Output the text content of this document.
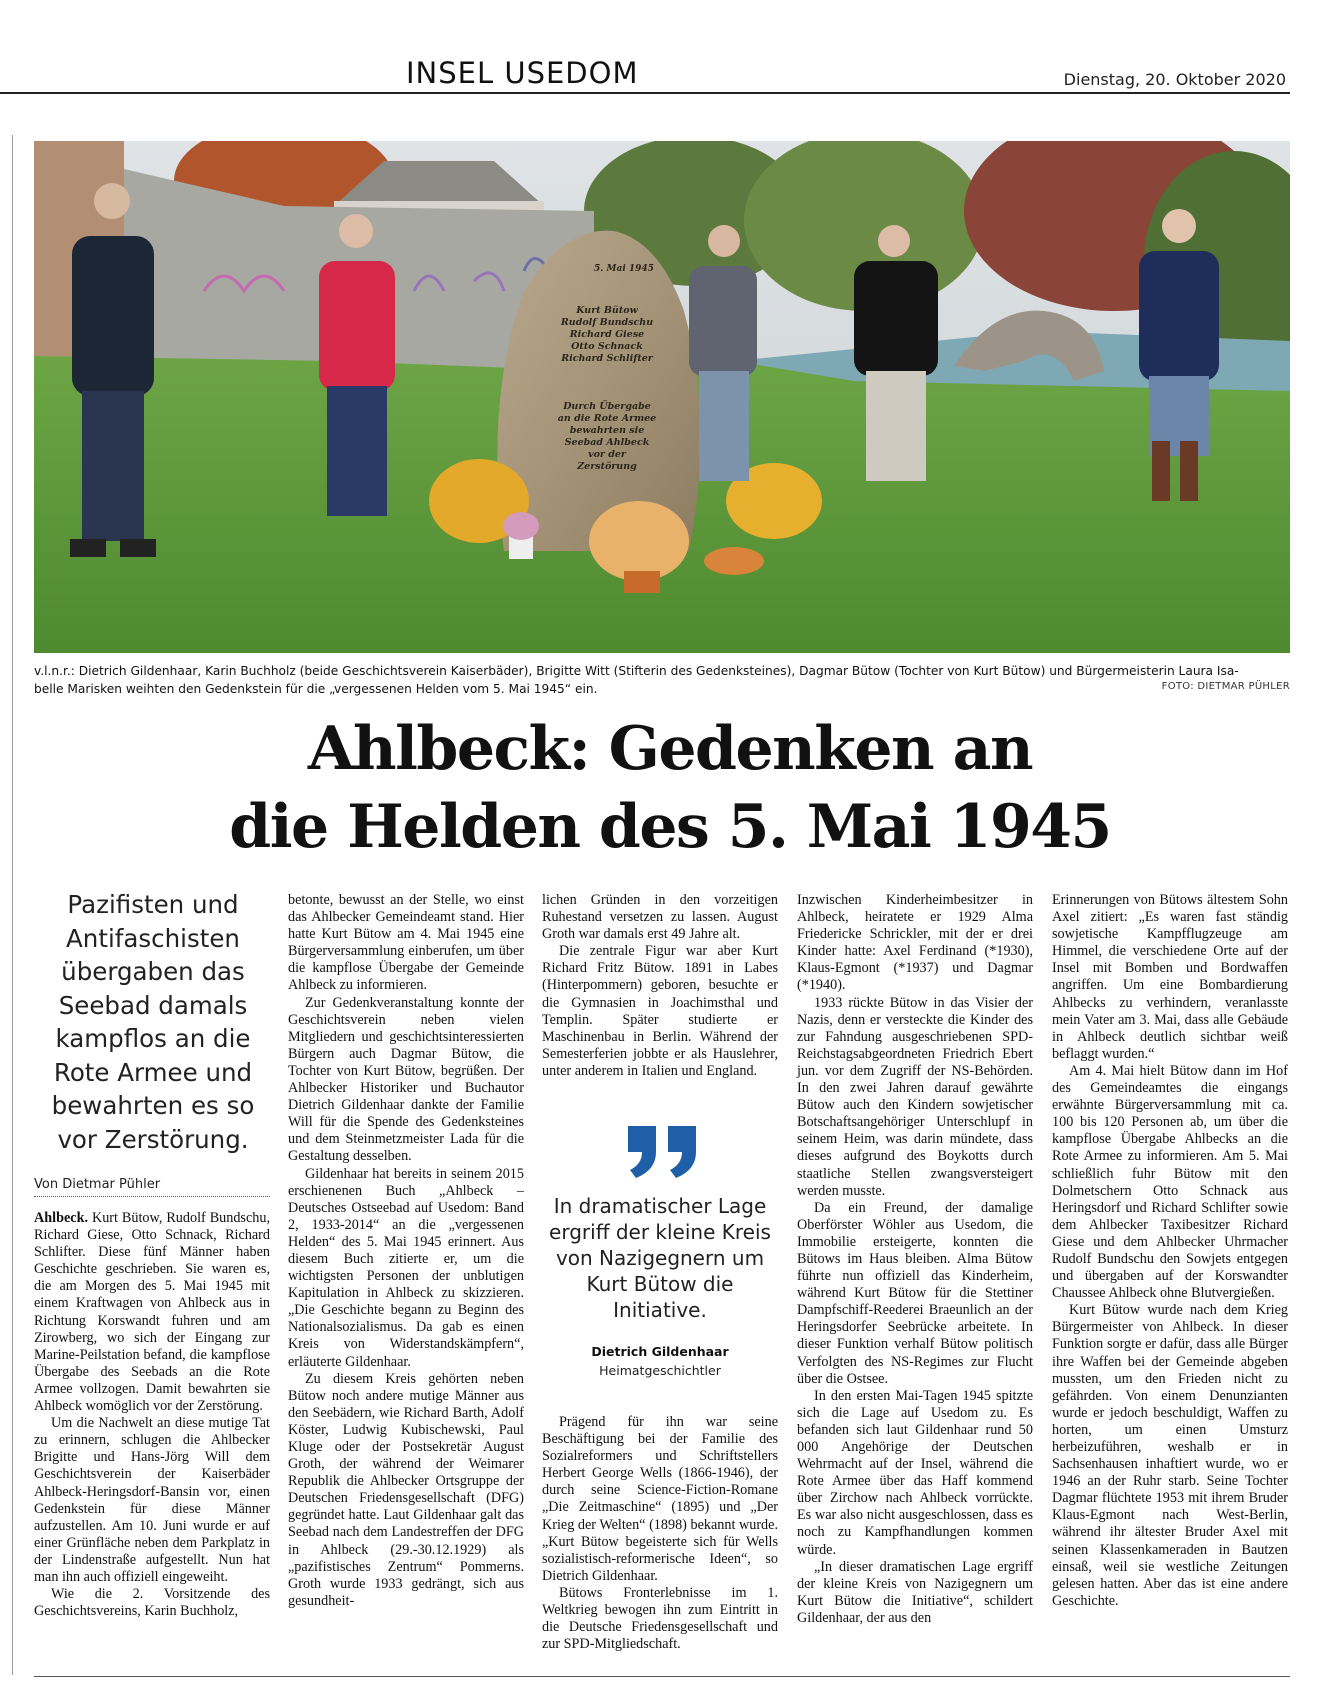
INSEL USEDOM	Dienstag, 20. Oktober 2020
5. Mai 1945
Kurt Bütow
Rudolf Bundschu
Richard Giese
Otto Schnack
Richard Schlifter
Durch Übergabe
an die Rote Armee
bewahrten sie
Seebad Ahlbeck
vor der
Zerstörung
v.l.n.r.: Dietrich Gildenhaar, Karin Buchholz (beide Geschichtsverein Kaiserbäder), Brigitte Witt (Stifterin des Gedenksteines), Dagmar Bütow (Tochter von Kurt Bütow) und Bürgermeisterin Laura Isa-
belle Marisken weihten den Gedenkstein für die „vergessenen Helden vom 5. Mai 1945“ ein.	FOTO: DIETMAR PÜHLER
Ahlbeck: Gedenken an
die Helden des 5. Mai 1945
Pazifisten und Antifaschisten übergaben das Seebad damals kampflos an die Rote Armee und bewahrten es so vor Zerstörung.
Von Dietmar Pühler

Ahlbeck. Kurt Bütow, Rudolf Bundschu, Richard Giese, Otto Schnack, Richard Schlifter. Diese fünf Männer haben Geschichte geschrieben. Sie waren es, die am Morgen des 5. Mai 1945 mit einem Kraftwagen von Ahlbeck aus in Richtung Korswandt fuhren und am Zirowberg, wo sich der Eingang zur Marine-Peilstation befand, die kampflose Übergabe des Seebads an die Rote Armee vollzogen. Damit bewahrten sie Ahlbeck womöglich vor der Zerstörung.

Um die Nachwelt an diese mutige Tat zu erinnern, schlugen die Ahlbecker Brigitte und Hans-Jörg Will dem Geschichtsverein der Kaiserbäder Ahlbeck-Heringsdorf-Bansin vor, einen Gedenkstein für diese Männer aufzustellen. Am 10. Juni wurde er auf einer Grünfläche neben dem Parkplatz in der Lindenstraße aufgestellt. Nun hat man ihn auch offiziell eingeweiht.

Wie die 2. Vorsitzende des Geschichtsvereins, Karin Buchholz,

betonte, bewusst an der Stelle, wo einst das Ahlbecker Gemeindeamt stand. Hier hatte Kurt Bütow am 4. Mai 1945 eine Bürgerversammlung einberufen, um über die kampflose Übergabe der Gemeinde Ahlbeck zu informieren.

Zur Gedenkveranstaltung konnte der Geschichtsverein neben vielen Mitgliedern und geschichtsinteressierten Bürgern auch Dagmar Bütow, die Tochter von Kurt Bütow, begrüßen. Der Ahlbecker Historiker und Buchautor Dietrich Gildenhaar dankte der Familie Will für die Spende des Gedenksteines und dem Steinmetzmeister Lada für die Gestaltung desselben.

Gildenhaar hat bereits in seinem 2015 erschienenen Buch „Ahlbeck – Deutsches Ostseebad auf Usedom: Band 2, 1933-2014“ an die „vergessenen Helden“ des 5. Mai 1945 erinnert. Aus diesem Buch zitierte er, um die wichtigsten Personen der unblutigen Kapitulation in Ahlbeck zu skizzieren. „Die Geschichte begann zu Beginn des Nationalsozialismus. Da gab es einen Kreis von Widerstandskämpfern“, erläuterte Gildenhaar.

Zu diesem Kreis gehörten neben Bütow noch andere mutige Männer aus den Seebädern, wie Richard Barth, Adolf Köster, Ludwig Kubischewski, Paul Kluge oder der Postsekretär August Groth, der während der Weimarer Republik die Ahlbecker Ortsgruppe der Deutschen Friedensgesellschaft (DFG) gegründet hatte. Laut Gildenhaar galt das Seebad nach dem Landestreffen der DFG in Ahlbeck (29.-30.12.1929) als „pazifistisches Zentrum“ Pommerns. Groth wurde 1933 gedrängt, sich aus gesundheit-

lichen Gründen in den vorzeitigen Ruhestand versetzen zu lassen. August Groth war damals erst 49 Jahre alt.

Die zentrale Figur war aber Kurt Richard Fritz Bütow. 1891 in Labes (Hinterpommern) geboren, besuchte er die Gymnasien in Joachimsthal und Templin. Später studierte er Maschinenbau in Berlin. Während der Semesterferien jobbte er als Hauslehrer, unter anderem in Italien und England.

In dramatischer Lage ergriff der kleine Kreis von Nazigegnern um Kurt Bütow die Initiative.
Dietrich Gildenhaar
Heimatgeschichtler

Prägend für ihn war seine Beschäftigung bei der Familie des Sozialreformers und Schriftstellers Herbert George Wells (1866-1946), der durch seine Science-Fiction-Romane „Die Zeitmaschine“ (1895) und „Der Krieg der Welten“ (1898) bekannt wurde. „Kurt Bütow begeisterte sich für Wells sozialistisch-reformerische Ideen“, so Dietrich Gildenhaar.

Bütows Fronterlebnisse im 1. Weltkrieg bewogen ihn zum Eintritt in die Deutsche Friedensgesellschaft und zur SPD-Mitgliedschaft.

Inzwischen Kinderheimbesitzer in Ahlbeck, heiratete er 1929 Alma Friedericke Schrickler, mit der er drei Kinder hatte: Axel Ferdinand (*1930), Klaus-Egmont (*1937) und Dagmar (*1940).

1933 rückte Bütow in das Visier der Nazis, denn er versteckte die Kinder des zur Fahndung ausgeschriebenen SPD-Reichstagsabgeordneten Friedrich Ebert jun. vor dem Zugriff der NS-Behörden. In den zwei Jahren darauf gewährte Bütow auch den Kindern sowjetischer Botschaftsangehöriger Unterschlupf in seinem Heim, was darin mündete, dass dieses aufgrund des Boykotts durch staatliche Stellen zwangsversteigert werden musste.

Da ein Freund, der damalige Oberförster Wöhler aus Usedom, die Immobilie ersteigerte, konnten die Bütows im Haus bleiben. Alma Bütow führte nun offiziell das Kinderheim, während Kurt Bütow für die Stettiner Dampfschiff-Reederei Braeunlich an der Heringsdorfer Seebrücke arbeitete. In dieser Funktion verhalf Bütow politisch Verfolgten des NS-Regimes zur Flucht über die Ostsee.

In den ersten Mai-Tagen 1945 spitzte sich die Lage auf Usedom zu. Es befanden sich laut Gildenhaar rund 50 000 Angehörige der Deutschen Wehrmacht auf der Insel, während die Rote Armee über das Haff kommend über Zirchow nach Ahlbeck vorrückte. Es war also nicht ausgeschlossen, dass es noch zu Kampfhandlungen kommen würde.

„In dieser dramatischen Lage ergriff der kleine Kreis von Nazigegnern um Kurt Bütow die Initiative“, schildert Gildenhaar, der aus den

Erinnerungen von Bütows ältestem Sohn Axel zitiert: „Es waren fast ständig sowjetische Kampfflugzeuge am Himmel, die verschiedene Orte auf der Insel mit Bomben und Bordwaffen angriffen. Um eine Bombardierung Ahlbecks zu verhindern, veranlasste mein Vater am 3. Mai, dass alle Gebäude in Ahlbeck deutlich sichtbar weiß beflaggt wurden.“

Am 4. Mai hielt Bütow dann im Hof des Gemeindeamtes die eingangs erwähnte Bürgerversammlung mit ca. 100 bis 120 Personen ab, um über die kampflose Übergabe Ahlbecks an die Rote Armee zu informieren. Am 5. Mai schließlich fuhr Bütow mit den Dolmetschern Otto Schnack aus Heringsdorf und Richard Schlifter sowie dem Ahlbecker Taxibesitzer Richard Giese und dem Ahlbecker Uhrmacher Rudolf Bundschu den Sowjets entgegen und übergaben auf der Korswandter Chaussee Ahlbeck ohne Blutvergießen.

Kurt Bütow wurde nach dem Krieg Bürgermeister von Ahlbeck. In dieser Funktion sorgte er dafür, dass alle Bürger ihre Waffen bei der Gemeinde abgeben mussten, um den Frieden nicht zu gefährden. Von einem Denunzianten wurde er jedoch beschuldigt, Waffen zu horten, um einen Umsturz herbeizuführen, weshalb er in Sachsenhausen inhaftiert wurde, wo er 1946 an der Ruhr starb. Seine Tochter Dagmar flüchtete 1953 mit ihrem Bruder Klaus-Egmont nach West-Berlin, während ihr ältester Bruder Axel mit seinen Klassenkameraden in Bautzen einsaß, weil sie westliche Zeitungen gelesen hatten. Aber das ist eine andere Geschichte.
